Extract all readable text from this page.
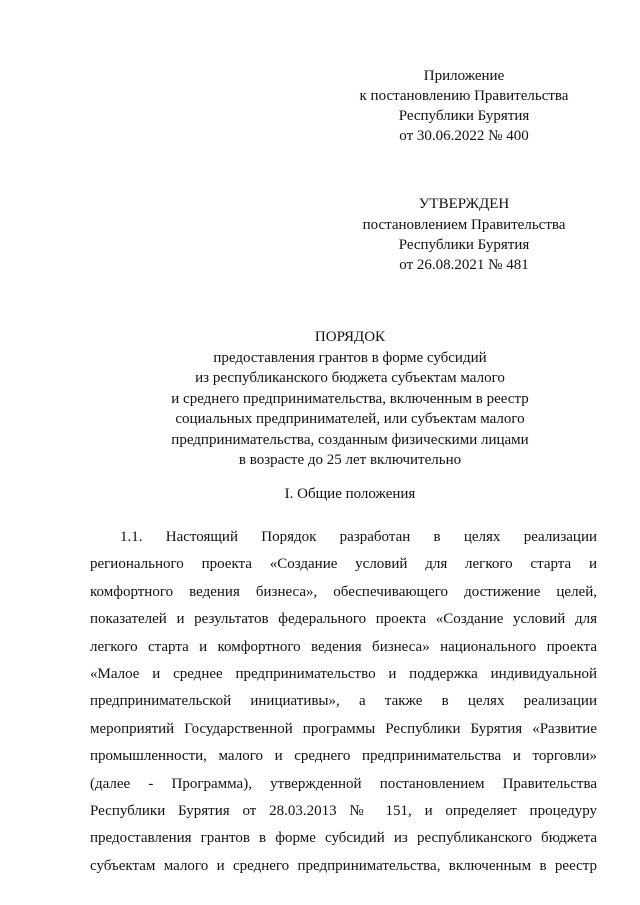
Приложение
к постановлению Правительства
Республики Бурятия
от 30.06.2022 № 400
УТВЕРЖДЕН
постановлением Правительства
Республики Бурятия
от 26.08.2021 № 481
ПОРЯДОК
предоставления грантов в форме субсидий
из республиканского бюджета субъектам малого
и среднего предпринимательства, включенным в реестр
социальных предпринимателей, или субъектам малого
предпринимательства, созданным физическими лицами
в возрасте до 25 лет включительно
I. Общие положения
1.1. Настоящий Порядок разработан в целях реализации
регионального проекта «Создание условий для легкого старта и
комфортного ведения бизнеса», обеспечивающего достижение целей,
показателей и результатов федерального проекта «Создание условий для
легкого старта и комфортного ведения бизнеса» национального проекта
«Малое и среднее предпринимательство и поддержка индивидуальной
предпринимательской инициативы», а также в целях реализации
мероприятий Государственной программы Республики Бурятия «Развитие
промышленности, малого и среднего предпринимательства и торговли»
(далее - Программа), утвержденной постановлением Правительства
Республики Бурятия от 28.03.2013 № 151, и определяет процедуру
предоставления грантов в форме субсидий из республиканского бюджета
субъектам малого и среднего предпринимательства, включенным в реестр
